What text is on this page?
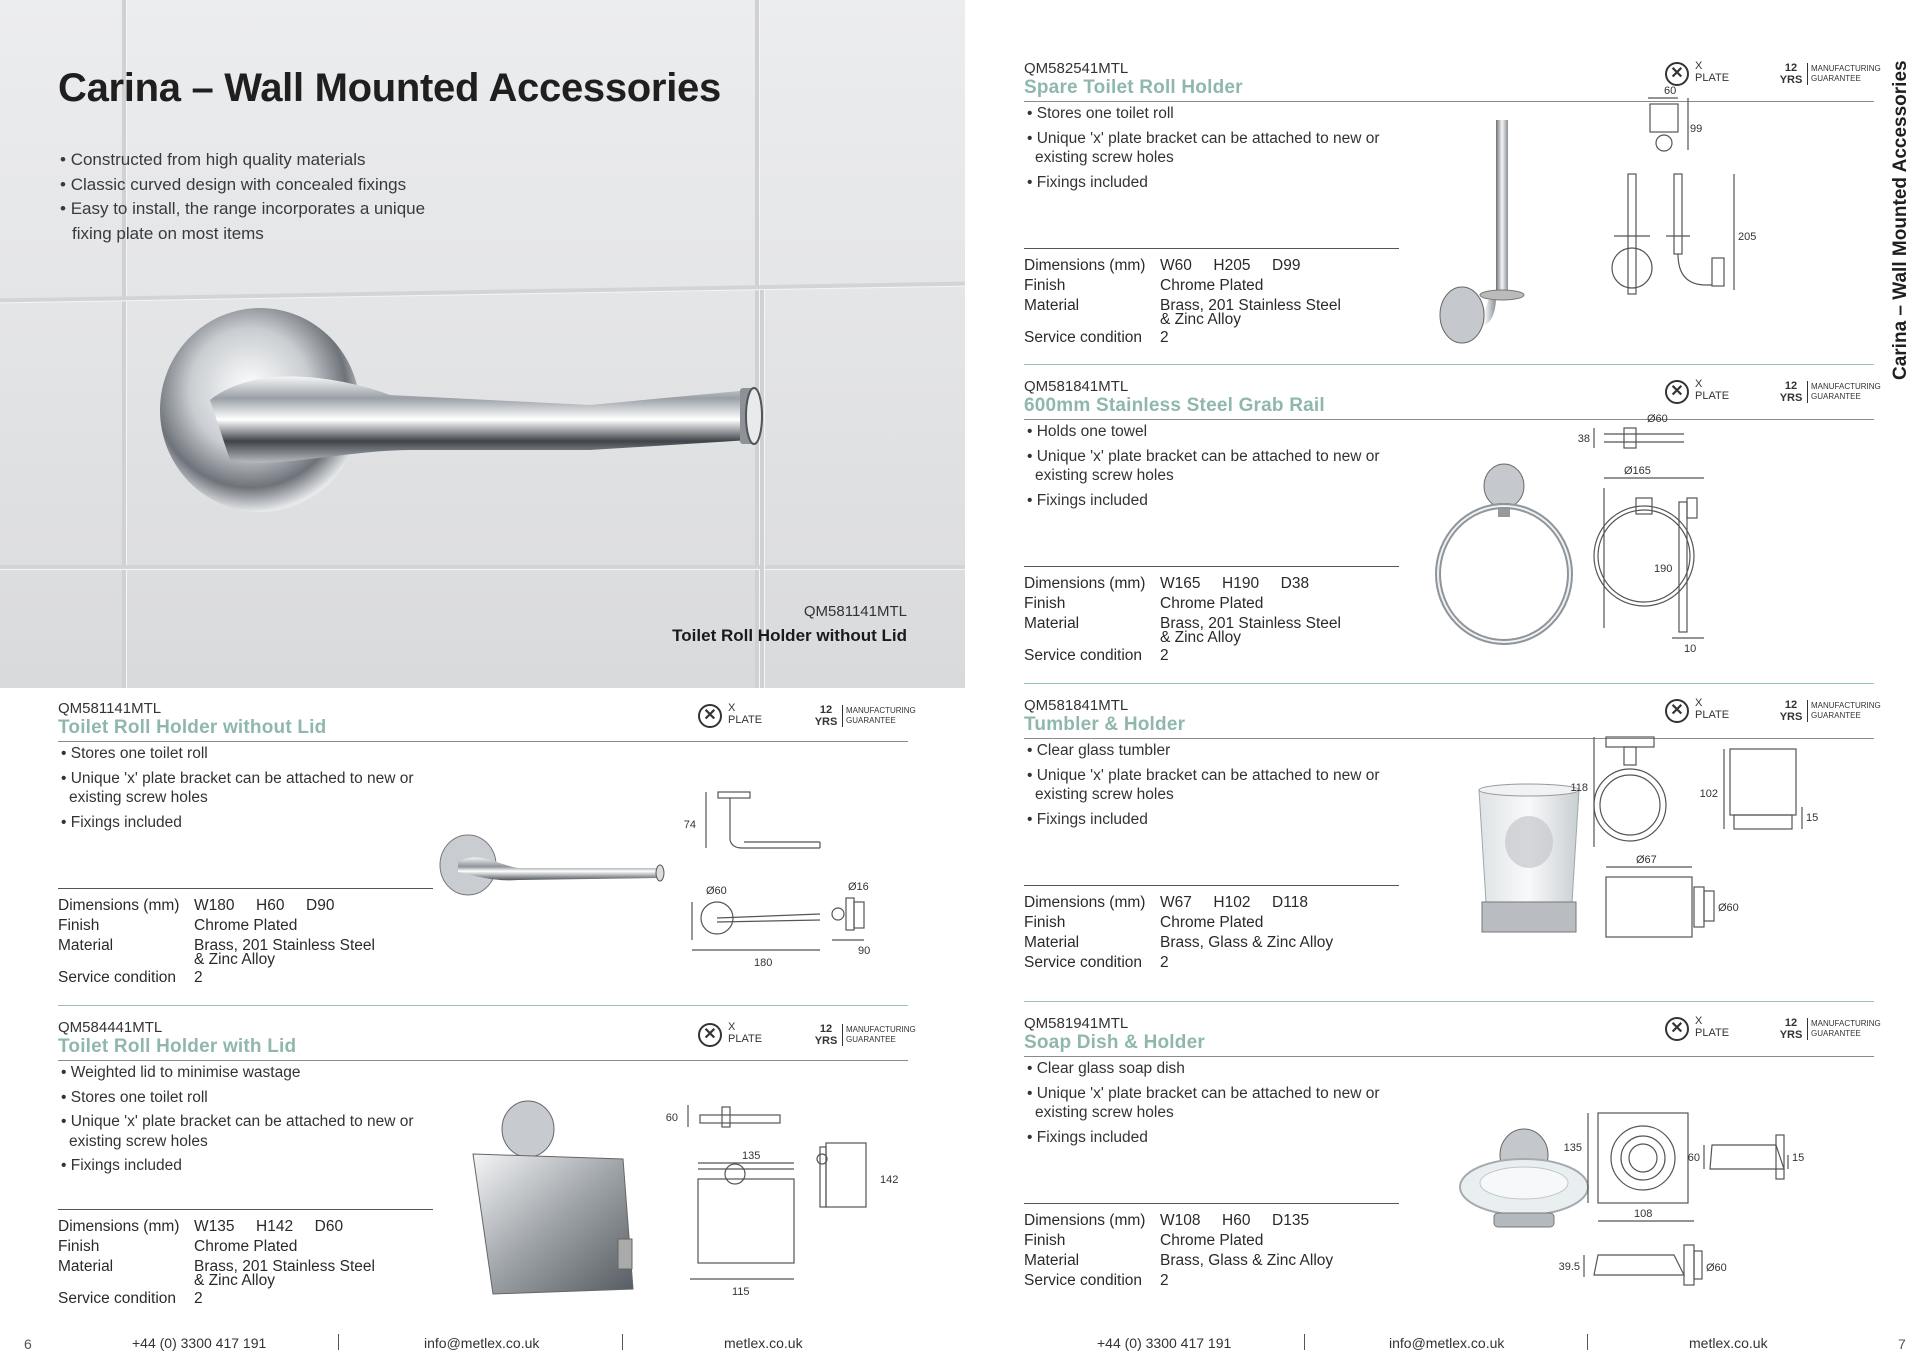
Carina – Wall Mounted Accessories
• Constructed from high quality materials
• Classic curved design with concealed fixings
• Easy to install, the range incorporates a unique fixing plate on most items
QM581141MTL
Toilet Roll Holder without Lid
QM581141MTL
Toilet Roll Holder without Lid
✕	X
PLATE
12
YRS
MANUFACTURING
GUARANTEE
• Stores one toilet roll
• Unique 'x' plate bracket can be attached to new or existing screw holes
• Fixings included
Dimensions (mm) W180 H60 D90
Finish	Chrome Plated
Material	Brass, 201 Stainless Steel
& Zinc Alloy
Service condition 2
74
Ø16
Ø60
90
180
QM584441MTL
Toilet Roll Holder with Lid
✕	X
PLATE
12
YRS
MANUFACTURING
GUARANTEE
• Weighted lid to minimise wastage
• Stores one toilet roll
• Unique 'x' plate bracket can be attached to new or existing screw holes
• Fixings included
Dimensions (mm) W135 H142 D60
Finish	Chrome Plated
Material	Brass, 201 Stainless Steel
& Zinc Alloy
Service condition 2
60
135
142
115
6	+44 (0) 3300 417 191	info@metlex.co.uk	metlex.co.uk
QM582541MTL
Spare Toilet Roll Holder
✕	X
PLATE
12
YRS
MANUFACTURING
GUARANTEE
• Stores one toilet roll
• Unique 'x' plate bracket can be attached to new or existing screw holes
• Fixings included
Dimensions (mm) W60 H205 D99
Finish	Chrome Plated
Material	Brass, 201 Stainless Steel
& Zinc Alloy
Service condition 2
60
99
205
QM581841MTL
600mm Stainless Steel Grab Rail
✕	X
PLATE
12
YRS
MANUFACTURING
GUARANTEE
• Holds one towel
• Unique 'x' plate bracket can be attached to new or existing screw holes
• Fixings included
Dimensions (mm) W165 H190 D38
Finish	Chrome Plated
Material	Brass, 201 Stainless Steel
& Zinc Alloy
Service condition 2
Ø60
38
Ø165
190
10
QM581841MTL
Tumbler & Holder
✕	X
PLATE
12
YRS
MANUFACTURING
GUARANTEE
• Clear glass tumbler
• Unique 'x' plate bracket can be attached to new or existing screw holes
• Fixings included
Dimensions (mm) W67 H102 D118
Finish	Chrome Plated
Material	Brass, Glass & Zinc Alloy
Service condition 2
118	102
15
Ø67
Ø60
QM581941MTL
Soap Dish & Holder
✕	X
PLATE
12
YRS
MANUFACTURING
GUARANTEE
• Clear glass soap dish
• Unique 'x' plate bracket can be attached to new or existing screw holes
• Fixings included
Dimensions (mm) W108 H60 D135
Finish	Chrome Plated
Material	Brass, Glass & Zinc Alloy
Service condition 2
135
60	15
108
39.5	Ø60
+44 (0) 3300 417 191	info@metlex.co.uk	metlex.co.uk	7
Carina – Wall Mounted Accessories
